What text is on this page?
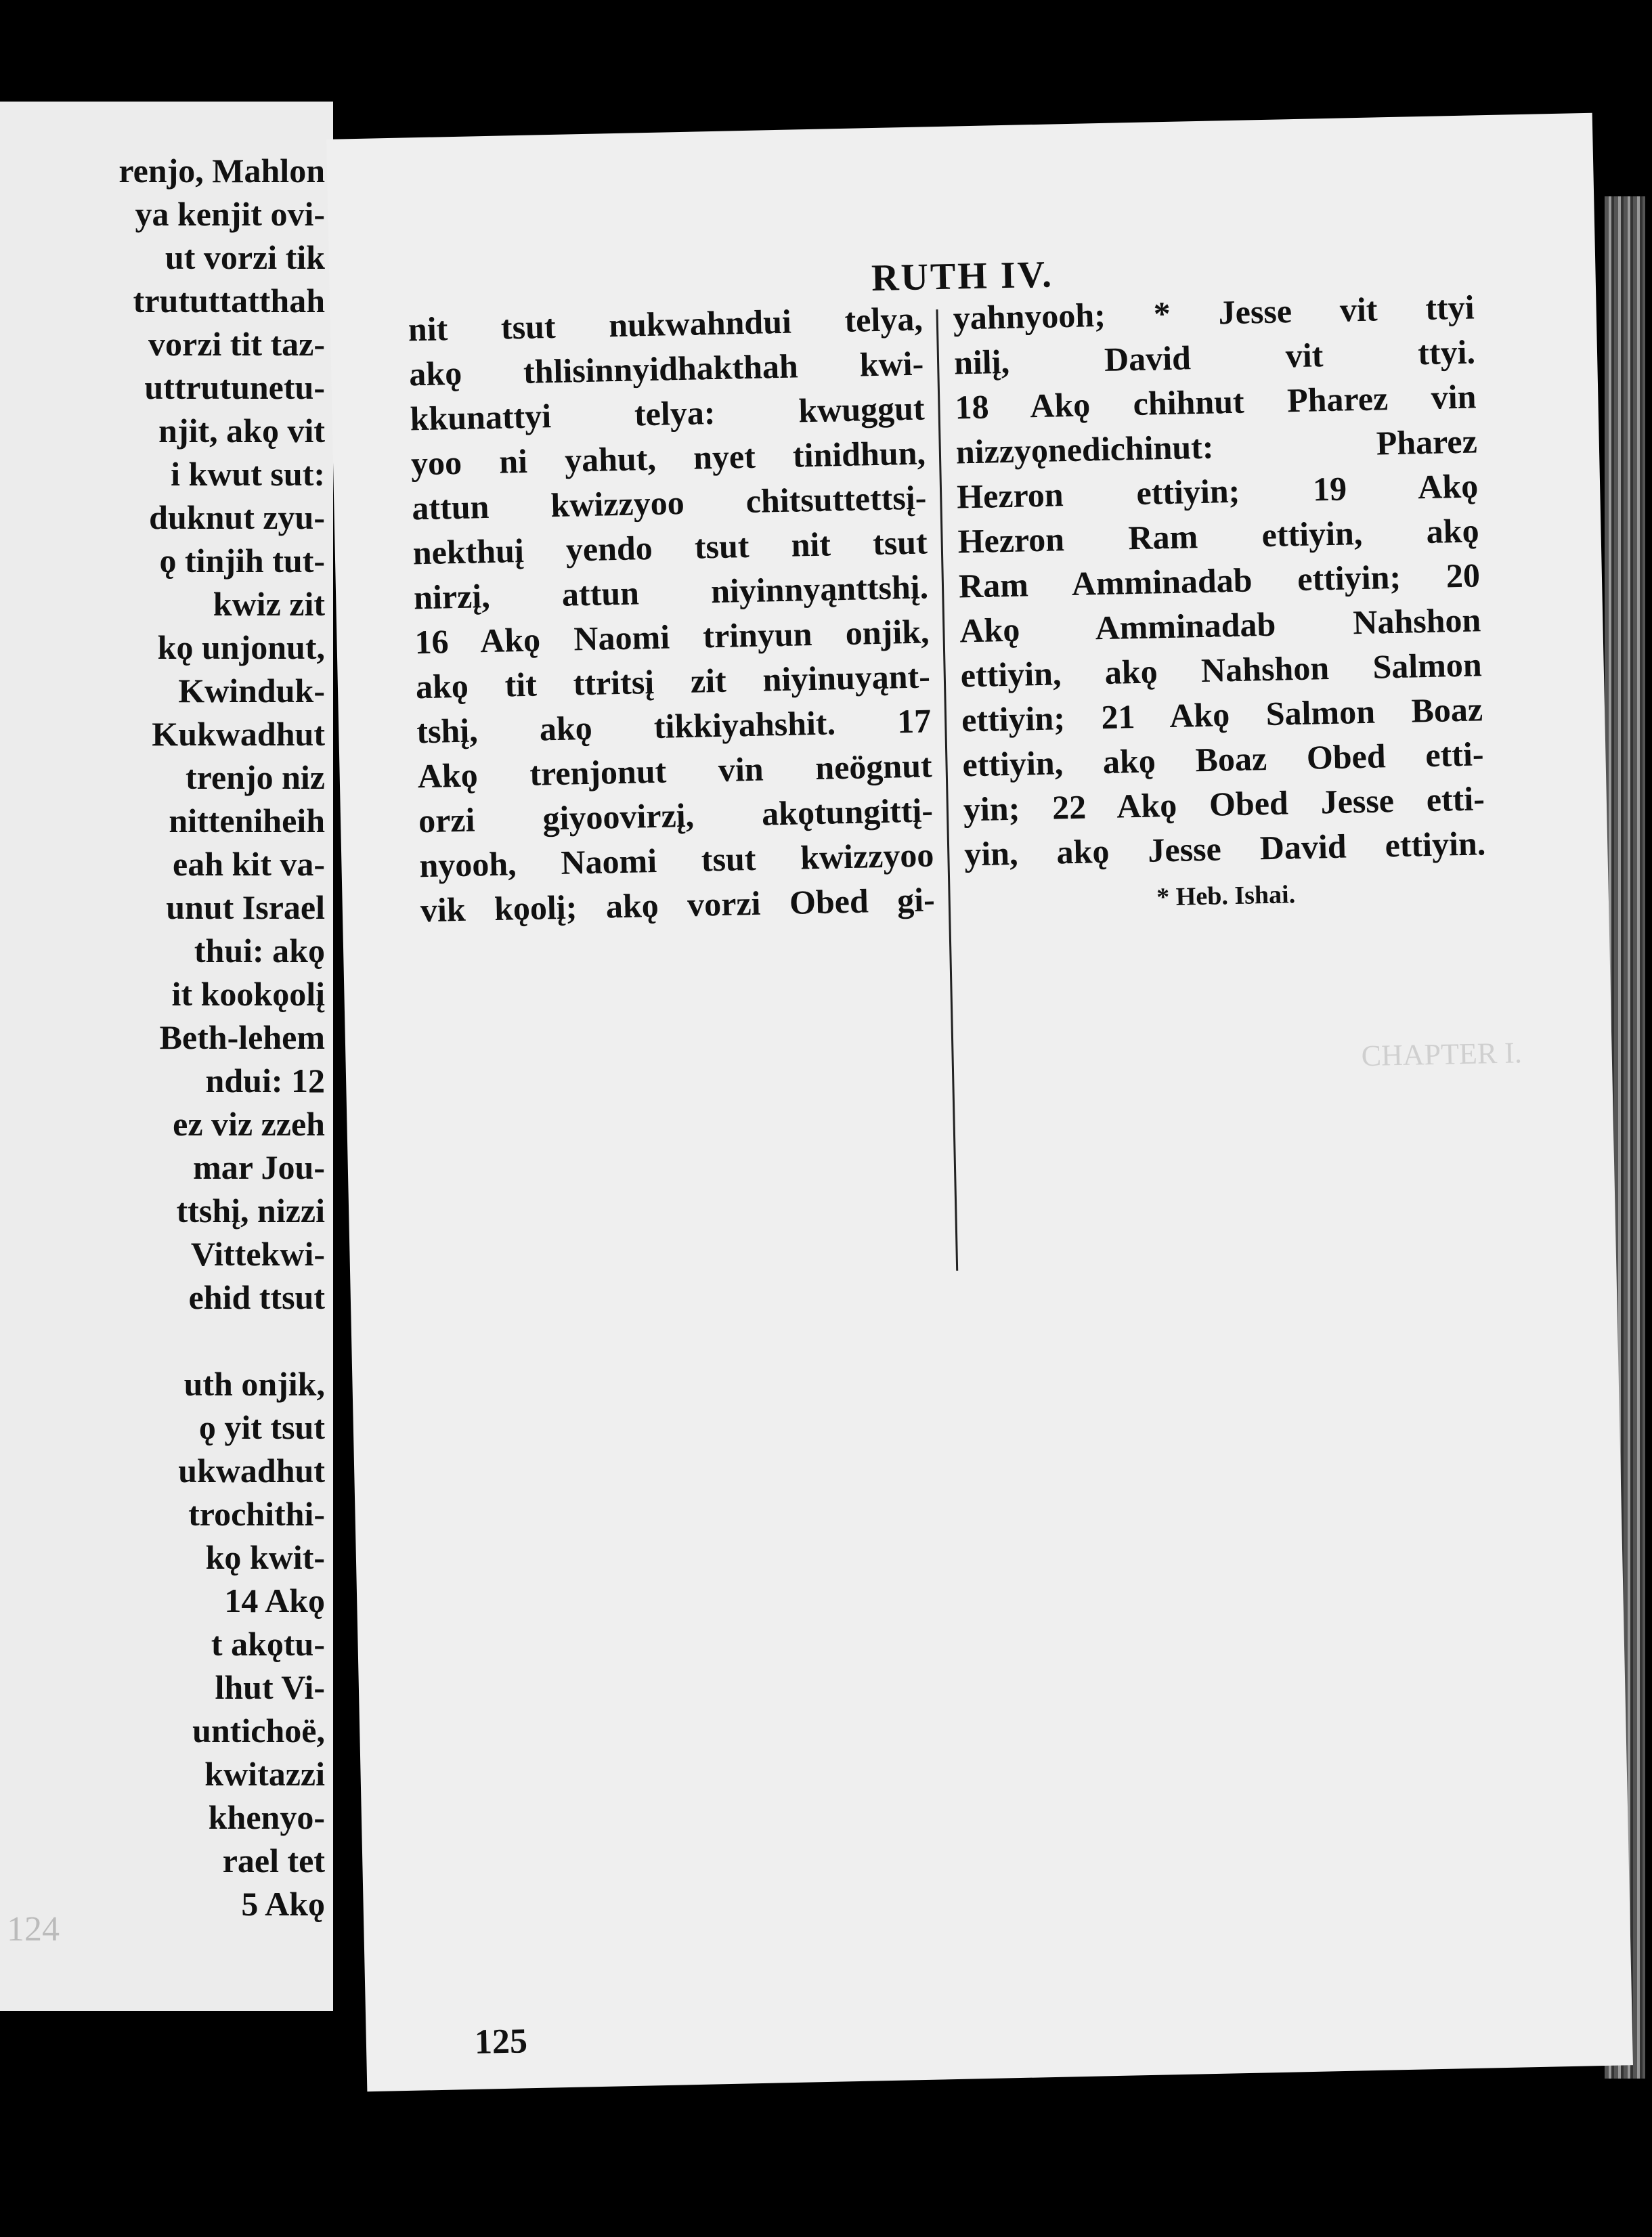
renjo, Mahlon
ya kenjit ovi-
ut vorzi tik
trututtatthah
vorzi tit taz-
uttrutunetu-
njit, akǫ vit
i kwut sut:
duknut zyu-
ǫ tinjih tut-
kwiz zit
kǫ unjonut,
Kwinduk-
Kukwadhut
trenjo niz
nitteniheih
eah kit va-
unut Israel
thui: akǫ
it kookǫolį
Beth-lehem
ndui: 12
ez viz zzeh
mar Jou-
ttshį, nizzi
Vittekwi-
ehid ttsut
uth onjik,
ǫ yit tsut
ukwadhut
trochithi-
kǫ kwit-
14 Akǫ
t akǫtu-
lhut Vi-
untichoë,
kwitazzi
khenyo-
rael tet
5 Akǫ
124
CHAPTER I.
RUTH IV.
nit tsut nukwahndui telya,
akǫ thlisinnyidhakthah kwi-
kkunattyi telya: kwuggut
yoo ni yahut, nyet tinidhun,
attun kwizzyoo chitsuttettsį-
nekthuį yendo tsut nit tsut
nirzį, attun niyinnyąnttshį.
16 Akǫ Naomi trinyun onjik,
akǫ tit ttritsį zit niyinuyąnt-
tshį, akǫ tikkiyahshit. 17
Akǫ trenjonut vin neögnut
orzi giyoovirzį, akǫtungittį-
nyooh, Naomi tsut kwizzyoo
vik kǫolį; akǫ vorzi Obed gi-
yahnyooh; * Jesse vit ttyi
nilį, David vit ttyi.
18 Akǫ chihnut Pharez vin
nizzyǫnedichinut: Pharez
Hezron ettiyin; 19 Akǫ
Hezron Ram ettiyin, akǫ
Ram Amminadab ettiyin; 20
Akǫ Amminadab Nahshon
ettiyin, akǫ Nahshon Salmon
ettiyin; 21 Akǫ Salmon Boaz
ettiyin, akǫ Boaz Obed etti-
yin; 22 Akǫ Obed Jesse etti-
yin, akǫ Jesse David ettiyin.
* Heb. Ishai.
125
